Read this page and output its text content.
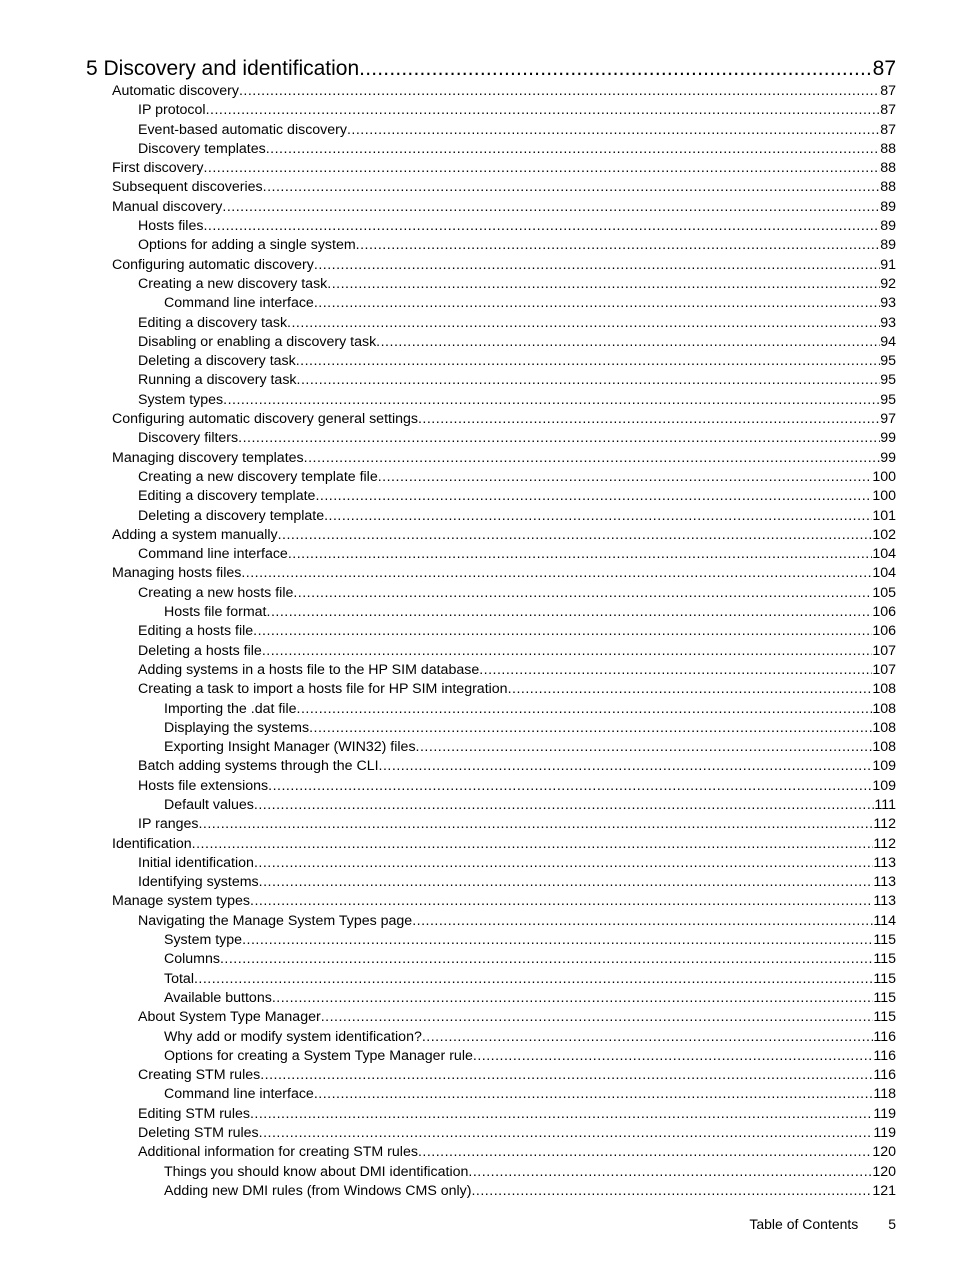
5 Discovery and identification .....	87
Automatic discovery .....	87
IP protocol .....	87
Event-based automatic discovery .....	87
Discovery templates .....	88
First discovery .....	88
Subsequent discoveries .....	88
Manual discovery .....	89
Hosts files .....	89
Options for adding a single system .....	89
Configuring automatic discovery .....	91
Creating a new discovery task .....	92
Command line interface .....	93
Editing a discovery task .....	93
Disabling or enabling a discovery task .....	94
Deleting a discovery task .....	95
Running a discovery task .....	95
System types .....	95
Configuring automatic discovery general settings .....	97
Discovery filters .....	99
Managing discovery templates .....	99
Creating a new discovery template file .....	100
Editing a discovery template .....	100
Deleting a discovery template .....	101
Adding a system manually .....	102
Command line interface .....	104
Managing hosts files .....	104
Creating a new hosts file .....	105
Hosts file format .....	106
Editing a hosts file .....	106
Deleting a hosts file .....	107
Adding systems in a hosts file to the HP SIM database .....	107
Creating a task to import a hosts file for HP SIM integration .....	108
Importing the .dat file .....	108
Displaying the systems .....	108
Exporting Insight Manager (WIN32) files .....	108
Batch adding systems through the CLI .....	109
Hosts file extensions .....	109
Default values .....	111
IP ranges .....	112
Identification .....	112
Initial identification .....	113
Identifying systems .....	113
Manage system types .....	113
Navigating the Manage System Types page .....	114
System type .....	115
Columns .....	115
Total .....	115
Available buttons .....	115
About System Type Manager .....	115
Why add or modify system identification? .....	116
Options for creating a System Type Manager rule .....	116
Creating STM rules .....	116
Command line interface .....	118
Editing STM rules .....	119
Deleting STM rules .....	119
Additional information for creating STM rules .....	120
Things you should know about DMI identification .....	120
Adding new DMI rules (from Windows CMS only) .....	121
Table of Contents 5
